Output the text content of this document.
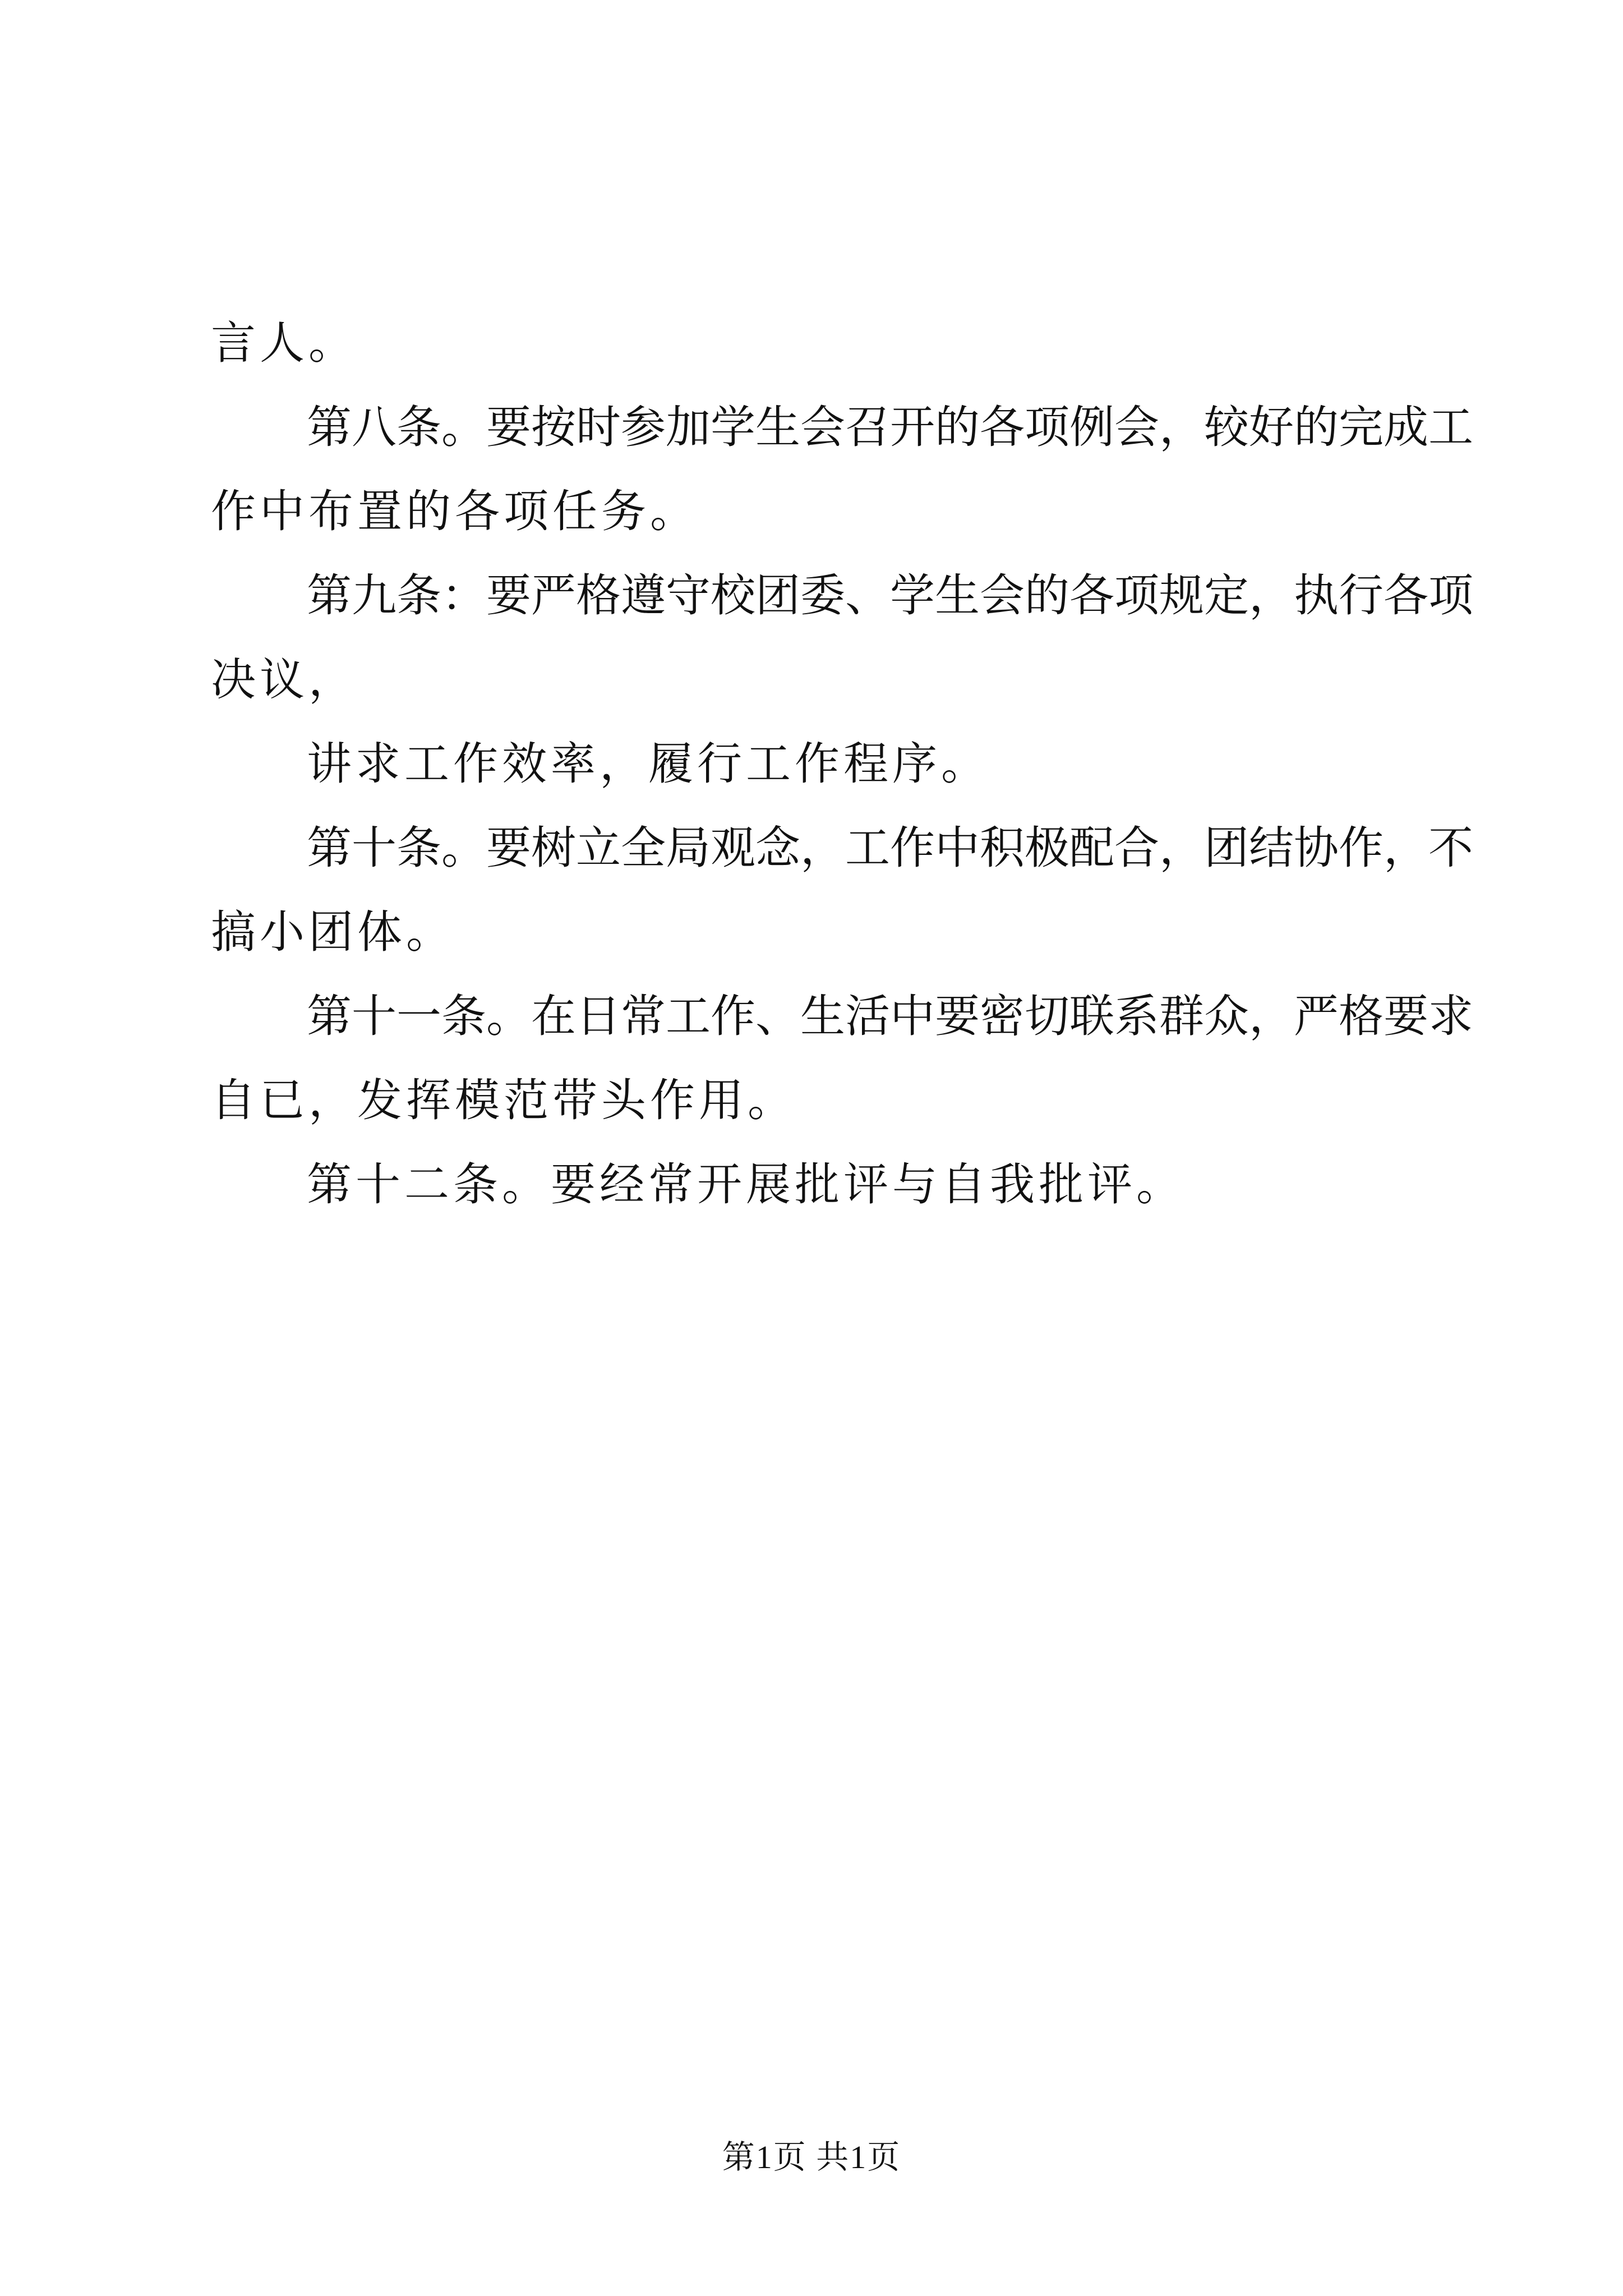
言人。
第八条。要按时参加学生会召开的各项例会，较好的完成工
作中布置的各项任务。
第九条：要严格遵守校团委、学生会的各项规定，执行各项
决议，
讲求工作效率，履行工作程序。
第十条。要树立全局观念，工作中积极配合，团结协作，不
搞小团体。
第十一条。在日常工作、生活中要密切联系群众，严格要求
自已，发挥模范带头作用。
第十二条。要经常开展批评与自我批评。
第1页 共1页
